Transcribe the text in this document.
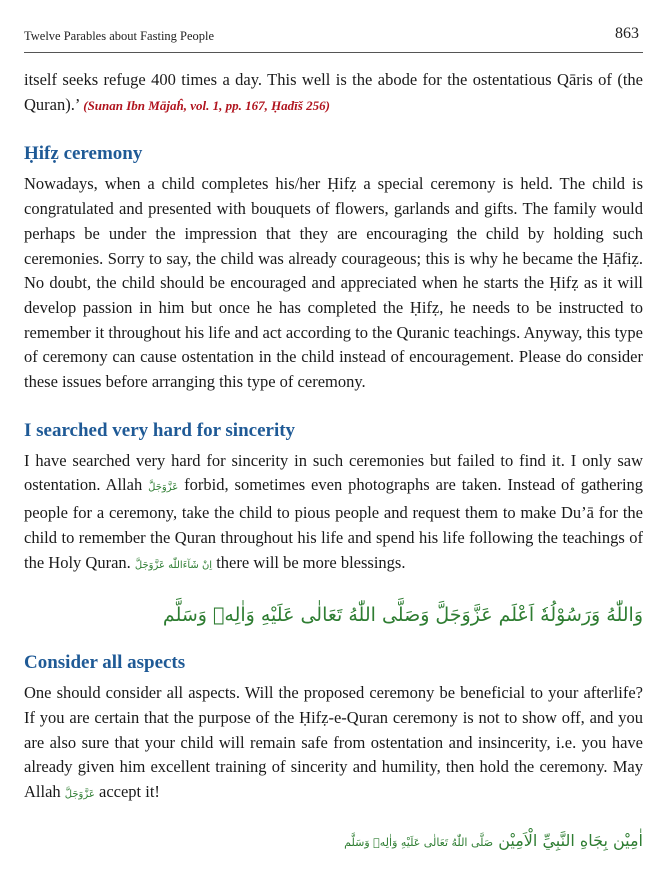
Twelve Parables about Fasting People	863

itself seeks refuge 400 times a day. This well is the abode for the ostentatious Qāris of (the Quran).’ (Sunan Ibn Mājaĥ, vol. 1, pp. 167, Ḥadīš 256)

Ḥifẓ ceremony

Nowadays, when a child completes his/her Ḥifẓ a special ceremony is held. The child is congratulated and presented with bouquets of flowers, garlands and gifts. The family would perhaps be under the impression that they are encouraging the child by holding such ceremonies. Sorry to say, the child was already courageous; this is why he became the Ḥāfiẓ. No doubt, the child should be encouraged and appreciated when he starts the Ḥifẓ as it will develop passion in him but once he has completed the Ḥifẓ, he needs to be instructed to remember it throughout his life and act according to the Quranic teachings. Anyway, this type of ceremony can cause ostentation in the child instead of encouragement. Please do consider these issues before arranging this type of ceremony.

I searched very hard for sincerity

I have searched very hard for sincerity in such ceremonies but failed to find it. I only saw ostentation. Allah عَزَّوَجَلَّ forbid, sometimes even photographs are taken. Instead of gathering people for a ceremony, take the child to pious people and request them to make Du’ā for the child to remember the Quran throughout his life and spend his life following the teachings of the Holy Quran. اِنْ شَآءَاللّٰه عَزَّوَجَلَّ there will be more blessings.

وَاللّٰهُ وَرَسُوْلُهٗ اَعْلَم عَزَّوَجَلَّ وَصَلَّى اللّٰهُ تَعَالٰى عَلَيْهِ وَاٰلِهٖ وَسَلَّم
Consider all aspects

One should consider all aspects. Will the proposed ceremony be beneficial to your afterlife? If you are certain that the purpose of the Ḥifẓ-e-Quran ceremony is not to show off, and you are also sure that your child will remain safe from ostentation and insincerity, i.e. you have already given him excellent training of sincerity and humility, then hold the ceremony. May Allah عَزَّوَجَلَّ accept it!

اٰمِيْن بِجَاهِ النَّبِيِّ الْاَمِيْن صَلَّى اللّٰهُ تَعَالٰى عَلَيْهِ وَاٰلِهٖ وَسَلَّم
